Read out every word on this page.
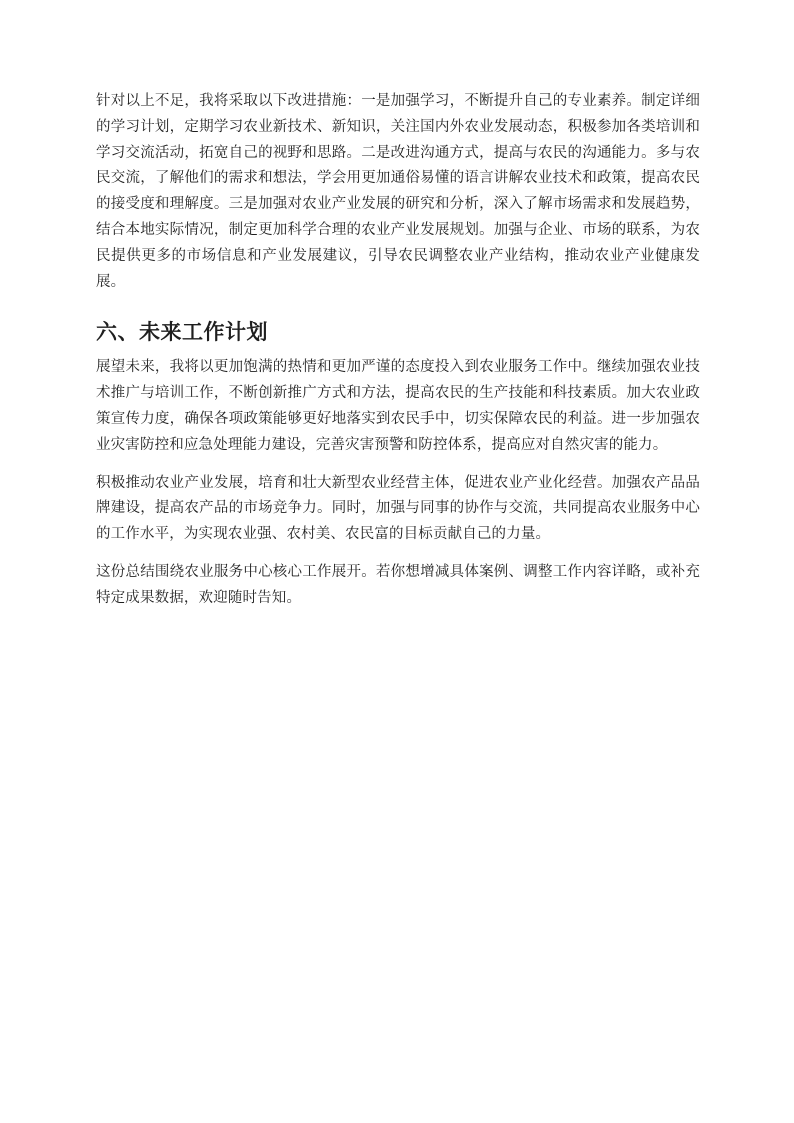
针对以上不足，我将采取以下改进措施：一是加强学习，不断提升自己的专业素养。制定详细的学习计划，定期学习农业新技术、新知识，关注国内外农业发展动态，积极参加各类培训和学习交流活动，拓宽自己的视野和思路。二是改进沟通方式，提高与农民的沟通能力。多与农民交流，了解他们的需求和想法，学会用更加通俗易懂的语言讲解农业技术和政策，提高农民的接受度和理解度。三是加强对农业产业发展的研究和分析，深入了解市场需求和发展趋势，结合本地实际情况，制定更加科学合理的农业产业发展规划。加强与企业、市场的联系，为农民提供更多的市场信息和产业发展建议，引导农民调整农业产业结构，推动农业产业健康发展。

六、未来工作计划

展望未来，我将以更加饱满的热情和更加严谨的态度投入到农业服务工作中。继续加强农业技术推广与培训工作，不断创新推广方式和方法，提高农民的生产技能和科技素质。加大农业政策宣传力度，确保各项政策能够更好地落实到农民手中，切实保障农民的利益。进一步加强农业灾害防控和应急处理能力建设，完善灾害预警和防控体系，提高应对自然灾害的能力。

积极推动农业产业发展，培育和壮大新型农业经营主体，促进农业产业化经营。加强农产品品牌建设，提高农产品的市场竞争力。同时，加强与同事的协作与交流，共同提高农业服务中心的工作水平，为实现农业强、农村美、农民富的目标贡献自己的力量。

这份总结围绕农业服务中心核心工作展开。若你想增减具体案例、调整工作内容详略，或补充特定成果数据，欢迎随时告知。
